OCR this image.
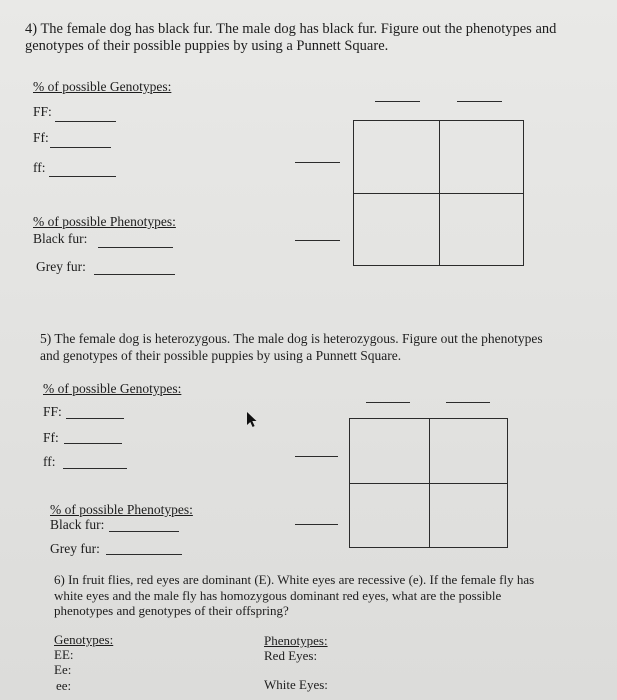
4) The female dog has black fur. The male dog has black fur. Figure out the phenotypes and
genotypes of their possible puppies by using a Punnett Square.
% of possible Genotypes:
FF:
Ff:
ff:
% of possible Phenotypes:
Black fur:
Grey fur:
5) The female dog is heterozygous. The male dog is heterozygous. Figure out the phenotypes
and genotypes of their possible puppies by using a Punnett Square.
% of possible Genotypes:
FF:
Ff:
ff:
% of possible Phenotypes:
Black fur:
Grey fur:
6) In fruit flies, red eyes are dominant (E). White eyes are recessive (e). If the female fly has
white eyes and the male fly has homozygous dominant red eyes, what are the possible
phenotypes and genotypes of their offspring?
Genotypes:
EE:
Ee:
ee:
Phenotypes:
Red Eyes:
White Eyes:
